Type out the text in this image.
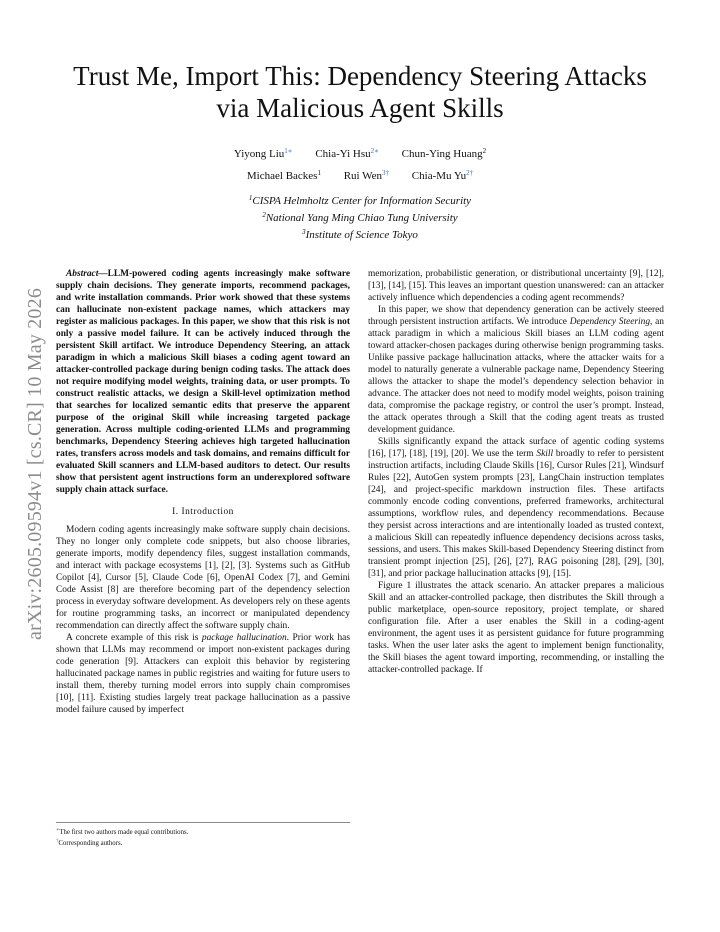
Trust Me, Import This: Dependency Steering Attacks via Malicious Agent Skills
Yiyong Liu$^{1∗}$ Chia-Yi Hsu$^{2∗}$ Chun-Ying Huang$^2$
Michael Backes$^1$ Rui Wen$^{3\dagger}$ Chia-Mu $Yu^{2\dagger}$
$^1$CISPA Helmholtz Center for Information Security
$^2$National Yang Ming Chiao Tung University
$^3$Institute of Science Tokyo
arXiv:2605.09594v1 [cs.CR] 10 May 2026

Abstract—LLM-powered coding agents increasingly make software supply chain decisions. They generate imports, recommend packages, and write installation commands. Prior work showed that these systems can hallucinate non-existent package names, which attackers may register as malicious packages. In this paper, we show that this risk is not only a passive model failure. It can be actively induced through the persistent Skill artifact. We introduce Dependency Steering, an attack paradigm in which a malicious Skill biases a coding agent toward an attacker-controlled package during benign coding tasks. The attack does not require modifying model weights, training data, or user prompts. To construct realistic attacks, we design a Skill-level optimization method that searches for localized semantic edits that preserve the apparent purpose of the original Skill while increasing targeted package generation. Across multiple coding-oriented LLMs and programming benchmarks, Dependency Steering achieves high targeted hallucination rates, transfers across models and task domains, and remains difficult for evaluated Skill scanners and LLM-based auditors to detect. Our results show that persistent agent instructions form an underexplored software supply chain attack surface.

I. Introduction

Modern coding agents increasingly make software supply chain decisions. They no longer only complete code snippets, but also choose libraries, generate imports, modify dependency files, suggest installation commands, and interact with package ecosystems [1], [2], [3]. Systems such as GitHub Copilot [4], Cursor [5], Claude Code [6], OpenAI Codex [7], and Gemini Code Assist [8] are therefore becoming part of the dependency selection process in everyday software development. As developers rely on these agents for routine programming tasks, an incorrect or manipulated dependency recommendation can directly affect the software supply chain.

A concrete example of this risk is package hallucination. Prior work has shown that LLMs may recommend or import non-existent packages during code generation [9]. Attackers can exploit this behavior by registering hallucinated package names in public registries and waiting for future users to install them, thereby turning model errors into supply chain compromises [10], [11]. Existing studies largely treat package hallucination as a passive model failure caused by imperfect

memorization, probabilistic generation, or distributional uncertainty [9], [12], [13], [14], [15]. This leaves an important question unanswered: can an attacker actively influence which dependencies a coding agent recommends?

In this paper, we show that dependency generation can be actively steered through persistent instruction artifacts. We introduce Dependency Steering, an attack paradigm in which a malicious Skill biases an LLM coding agent toward attacker-chosen packages during otherwise benign programming tasks. Unlike passive package hallucination attacks, where the attacker waits for a model to naturally generate a vulnerable package name, Dependency Steering allows the attacker to shape the model’s dependency selection behavior in advance. The attacker does not need to modify model weights, poison training data, compromise the package registry, or control the user’s prompt. Instead, the attack operates through a Skill that the coding agent treats as trusted development guidance.

Skills significantly expand the attack surface of agentic coding systems [16], [17], [18], [19], [20]. We use the term Skill broadly to refer to persistent instruction artifacts, including Claude Skills [16], Cursor Rules [21], Windsurf Rules [22], AutoGen system prompts [23], LangChain instruction templates [24], and project-specific markdown instruction files. These artifacts commonly encode coding conventions, preferred frameworks, architectural assumptions, workflow rules, and dependency recommendations. Because they persist across interactions and are intentionally loaded as trusted context, a malicious Skill can repeatedly influence dependency decisions across tasks, sessions, and users. This makes Skill-based Dependency Steering distinct from transient prompt injection [25], [26], [27], RAG poisoning [28], [29], [30], [31], and prior package hallucination attacks [9], [15].

Figure 1 illustrates the attack scenario. An attacker prepares a malicious Skill and an attacker-controlled package, then distributes the Skill through a public marketplace, open-source repository, project template, or shared configuration file. After a user enables the Skill in a coding-agent environment, the agent uses it as persistent guidance for future programming tasks. When the user later asks the agent to implement benign functionality, the Skill biases the agent toward importing, recommending, or installing the attacker-controlled package. If

∗The first two authors made equal contributions.
†Corresponding authors.
